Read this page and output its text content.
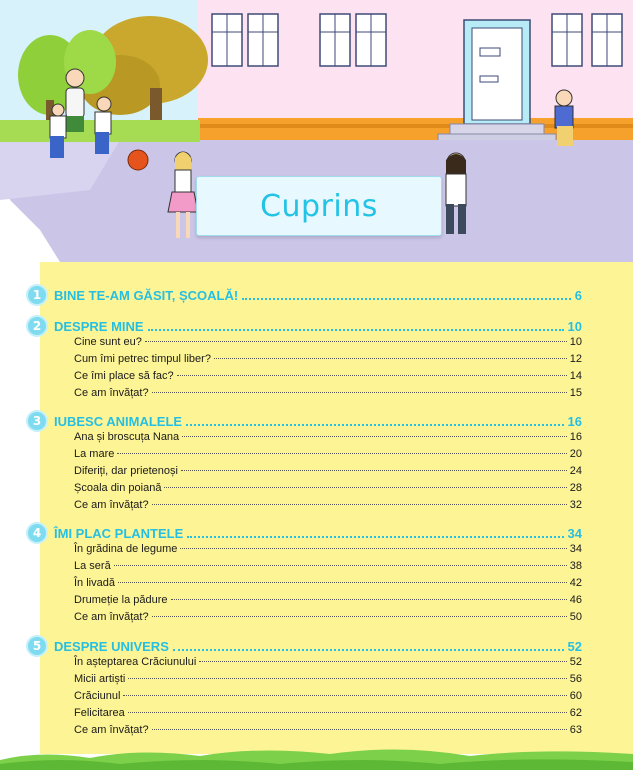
Cuprins
1 BINE TE-AM GĂSIT, ȘCOALĂ!	6
2 DESPRE MINE	10
Cine sunt eu?	10
Cum îmi petrec timpul liber?	12
Ce îmi place să fac?	14
Ce am învățat?	15
3 IUBESC ANIMALELE	16
Ana și broscuța Nana	16
La mare	20
Diferiți, dar prietenoși	24
Școala din poiană	28
Ce am învățat?	32
4 ÎMI PLAC PLANTELE	34
În grădina de legume	34
La seră	38
În livadă	42
Drumeție la pădure	46
Ce am învățat?	50
5 DESPRE UNIVERS	52
În așteptarea Crăciunului	52
Micii artiști	56
Crăciunul	60
Felicitarea	62
Ce am învățat?	63
